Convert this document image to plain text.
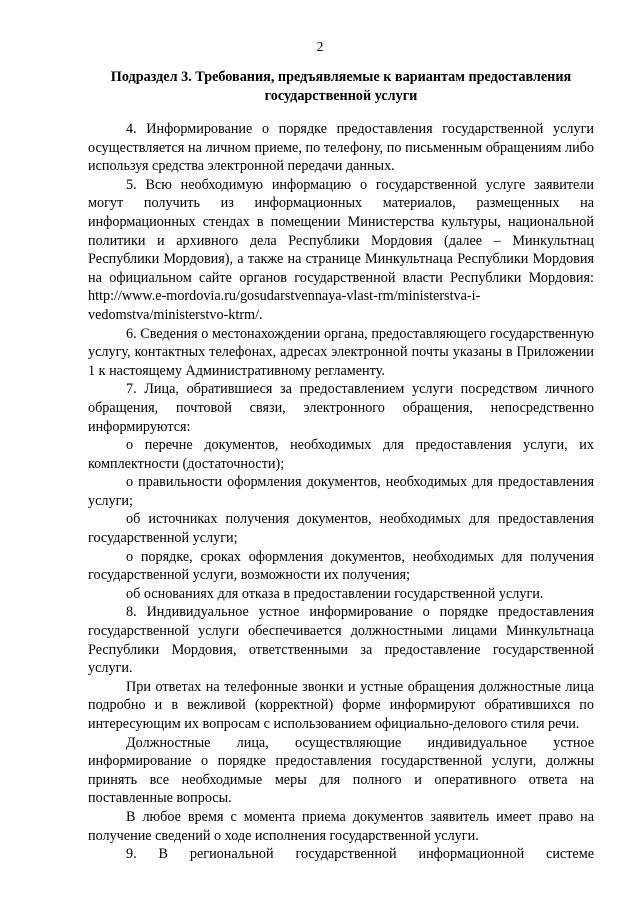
2
Подраздел 3. Требования, предъявляемые к вариантам предоставления
государственной услуги

4. Информирование о порядке предоставления государственной услуги осуществляется на личном приеме, по телефону, по письменным обращениям либо используя средства электронной передачи данных.

5. Всю необходимую информацию о государственной услуге заявители могут получить из информационных материалов, размещенных на информационных стендах в помещении Министерства культуры, национальной политики и архивного дела Республики Мордовия (далее – Минкультнац Республики Мордовия), а также на странице Минкультнаца Республики Мордовия на официальном сайте органов государственной власти Республики Мордовия: http://www.e-mordovia.ru/gosudarstvennaya-vlast-rm/ministerstva-i-vedomstva/ministerstvo-ktrm/.

6. Сведения о местонахождении органа, предоставляющего государственную услугу, контактных телефонах, адресах электронной почты указаны в Приложении 1 к настоящему Административному регламенту.

7. Лица, обратившиеся за предоставлением услуги посредством личного обращения, почтовой связи, электронного обращения, непосредственно информируются:

о перечне документов, необходимых для предоставления услуги, их комплектности (достаточности);

о правильности оформления документов, необходимых для предоставления услуги;

об источниках получения документов, необходимых для предоставления государственной услуги;

о порядке, сроках оформления документов, необходимых для получения государственной услуги, возможности их получения;

об основаниях для отказа в предоставлении государственной услуги.

8. Индивидуальное устное информирование о порядке предоставления государственной услуги обеспечивается должностными лицами Минкультнаца Республики Мордовия, ответственными за предоставление государственной услуги.

При ответах на телефонные звонки и устные обращения должностные лица подробно и в вежливой (корректной) форме информируют обратившихся по интересующим их вопросам с использованием официально-делового стиля речи.

Должностные лица, осуществляющие индивидуальное устное информирование о порядке предоставления государственной услуги, должны принять все необходимые меры для полного и оперативного ответа на поставленные вопросы.

В любое время с момента приема документов заявитель имеет право на получение сведений о ходе исполнения государственной услуги.

9. В региональной государственной информационной системе
